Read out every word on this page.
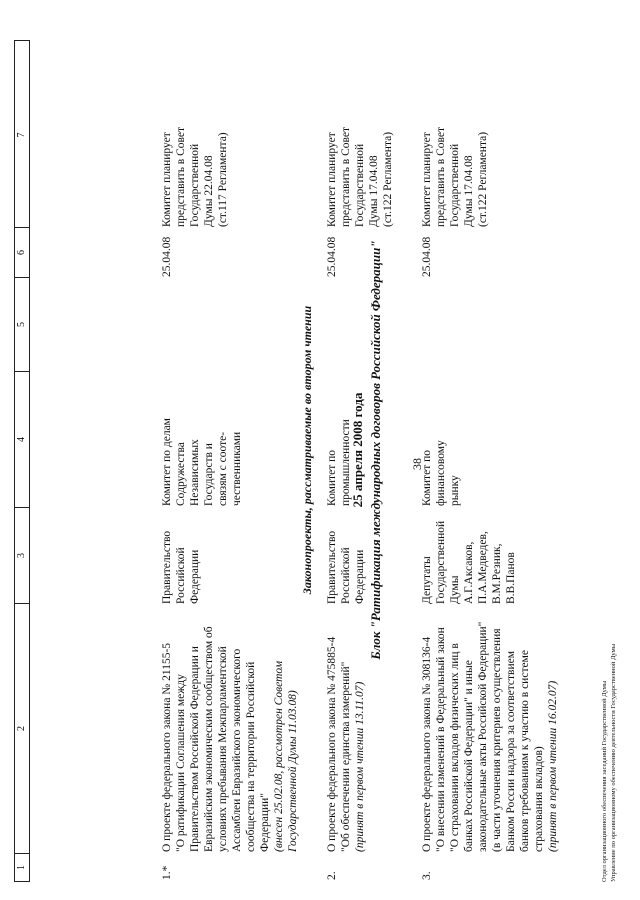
1
2
3
4
5
6
7
38
25 апреля 2008 года Блок "Ратификация международных договоров Российской Федерации"
1.*
О проекте федерального закона № 21155-5 "О ратификации Соглашения между Правительством Российской Федерации и Евразийским экономическим сообществом об условиях пребывания Межпарламентской Ассамблеи Евразийского экономического сообщества на территории Российской Федерации" (внесен 25.02.08, рассмотрен Советом Государственной Думы 11.03.08)
Правительство Российской Федерации
Комитет по делам Содружества Независимых Государств и связям с сооте- чественниками
25.04.08
Комитет планирует представить в Совет Государственной Думы 22.04.08 (ст.117 Регламента)
Законопроекты, рассматриваемые во втором чтении
2.
О проекте федерального закона № 475885-4 "Об обеспечении единства измерений" (принят в первом чтении 13.11.07)
Правительство Российской Федерации
Комитет по промышленности
25.04.08
Комитет планирует представить в Совет Государственной Думы 17.04.08 (ст.122 Регламента)
3.
О проекте федерального закона № 308136-4 "О внесении изменений в Федеральный закон "О страховании вкладов физических лиц в банках Российской Федерации" и иные законодательные акты Российской Федерации" (в части уточнения критериев осуществления Банком России надзора за соответствием банков требованиям к участию в системе страхования вкладов) (принят в первом чтении 16.02.07)
Депутаты Государственной Думы А.Г.Аксаков, П.А.Медведев, В.М.Резник, В.В.Панов
Комитет по финансовому рынку
25.04.08
Комитет планирует представить в Совет Государственной Думы 17.04.08 (ст.122 Регламента)
Отдел организационного обеспечения заседаний Государственной Думы Управление по организационному обеспечению деятельности Государственной Думы
